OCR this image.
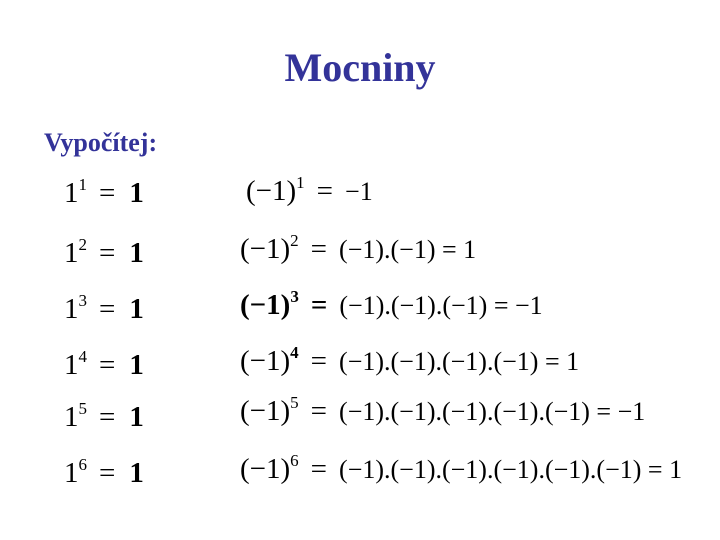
Mocniny
Vypočítej:
$1^1 = 1$
$1^2 = 1$
$1^3 = 1$
$1^4 = 1$
$1^5 = 1$
$1^6 = 1$
$(-1)^1 = -1$
$(-1)^2 = (-1).(-1) = 1$
$(-1)^3 = (-1).(-1).(-1) = -1$
$(-1)^4 = (-1).(-1).(-1).(-1) = 1$
$(-1)^5 = (-1).(-1).(-1).(-1).(-1) = -1$
$(-1)^6 = (-1).(-1).(-1).(-1).(-1).(-1) = 1$
